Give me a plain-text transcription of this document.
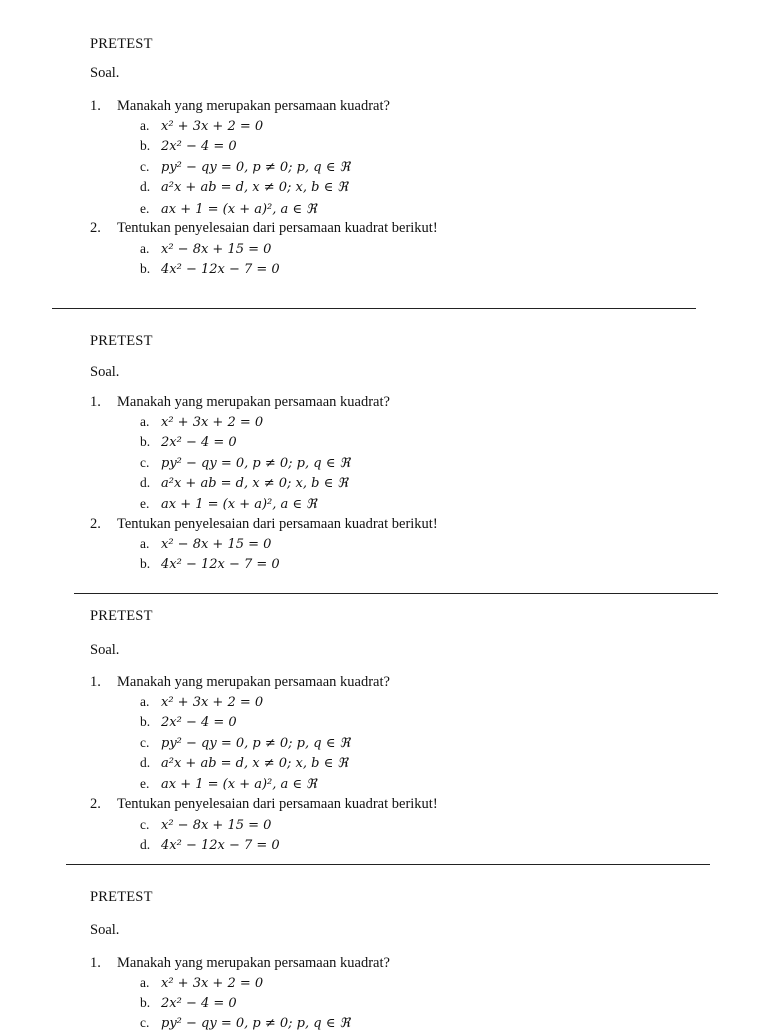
PRETEST
Soal.
1. Manakah yang merupakan persamaan kuadrat?
a. x² + 3x + 2 = 0
b. 2x² − 4 = 0
c. py² − qy = 0, p ≠ 0; p, q ∈ ℜ
d. a²x + ab = d, x ≠ 0; x, b ∈ ℜ
e. ax + 1 = (x + a)², a ∈ ℜ
2. Tentukan penyelesaian dari persamaan kuadrat berikut!
a. x² − 8x + 15 = 0
b. 4x² − 12x − 7 = 0
PRETEST
Soal.
1. Manakah yang merupakan persamaan kuadrat?
a. x² + 3x + 2 = 0
b. 2x² − 4 = 0
c. py² − qy = 0, p ≠ 0; p, q ∈ ℜ
d. a²x + ab = d, x ≠ 0; x, b ∈ ℜ
e. ax + 1 = (x + a)², a ∈ ℜ
2. Tentukan penyelesaian dari persamaan kuadrat berikut!
a. x² − 8x + 15 = 0
b. 4x² − 12x − 7 = 0
PRETEST
Soal.
1. Manakah yang merupakan persamaan kuadrat?
a. x² + 3x + 2 = 0
b. 2x² − 4 = 0
c. py² − qy = 0, p ≠ 0; p, q ∈ ℜ
d. a²x + ab = d, x ≠ 0; x, b ∈ ℜ
e. ax + 1 = (x + a)², a ∈ ℜ
2. Tentukan penyelesaian dari persamaan kuadrat berikut!
c. x² − 8x + 15 = 0
d. 4x² − 12x − 7 = 0
PRETEST
Soal.
1. Manakah yang merupakan persamaan kuadrat?
a. x² + 3x + 2 = 0
b. 2x² − 4 = 0
c. py² − qy = 0, p ≠ 0; p, q ∈ ℜ
